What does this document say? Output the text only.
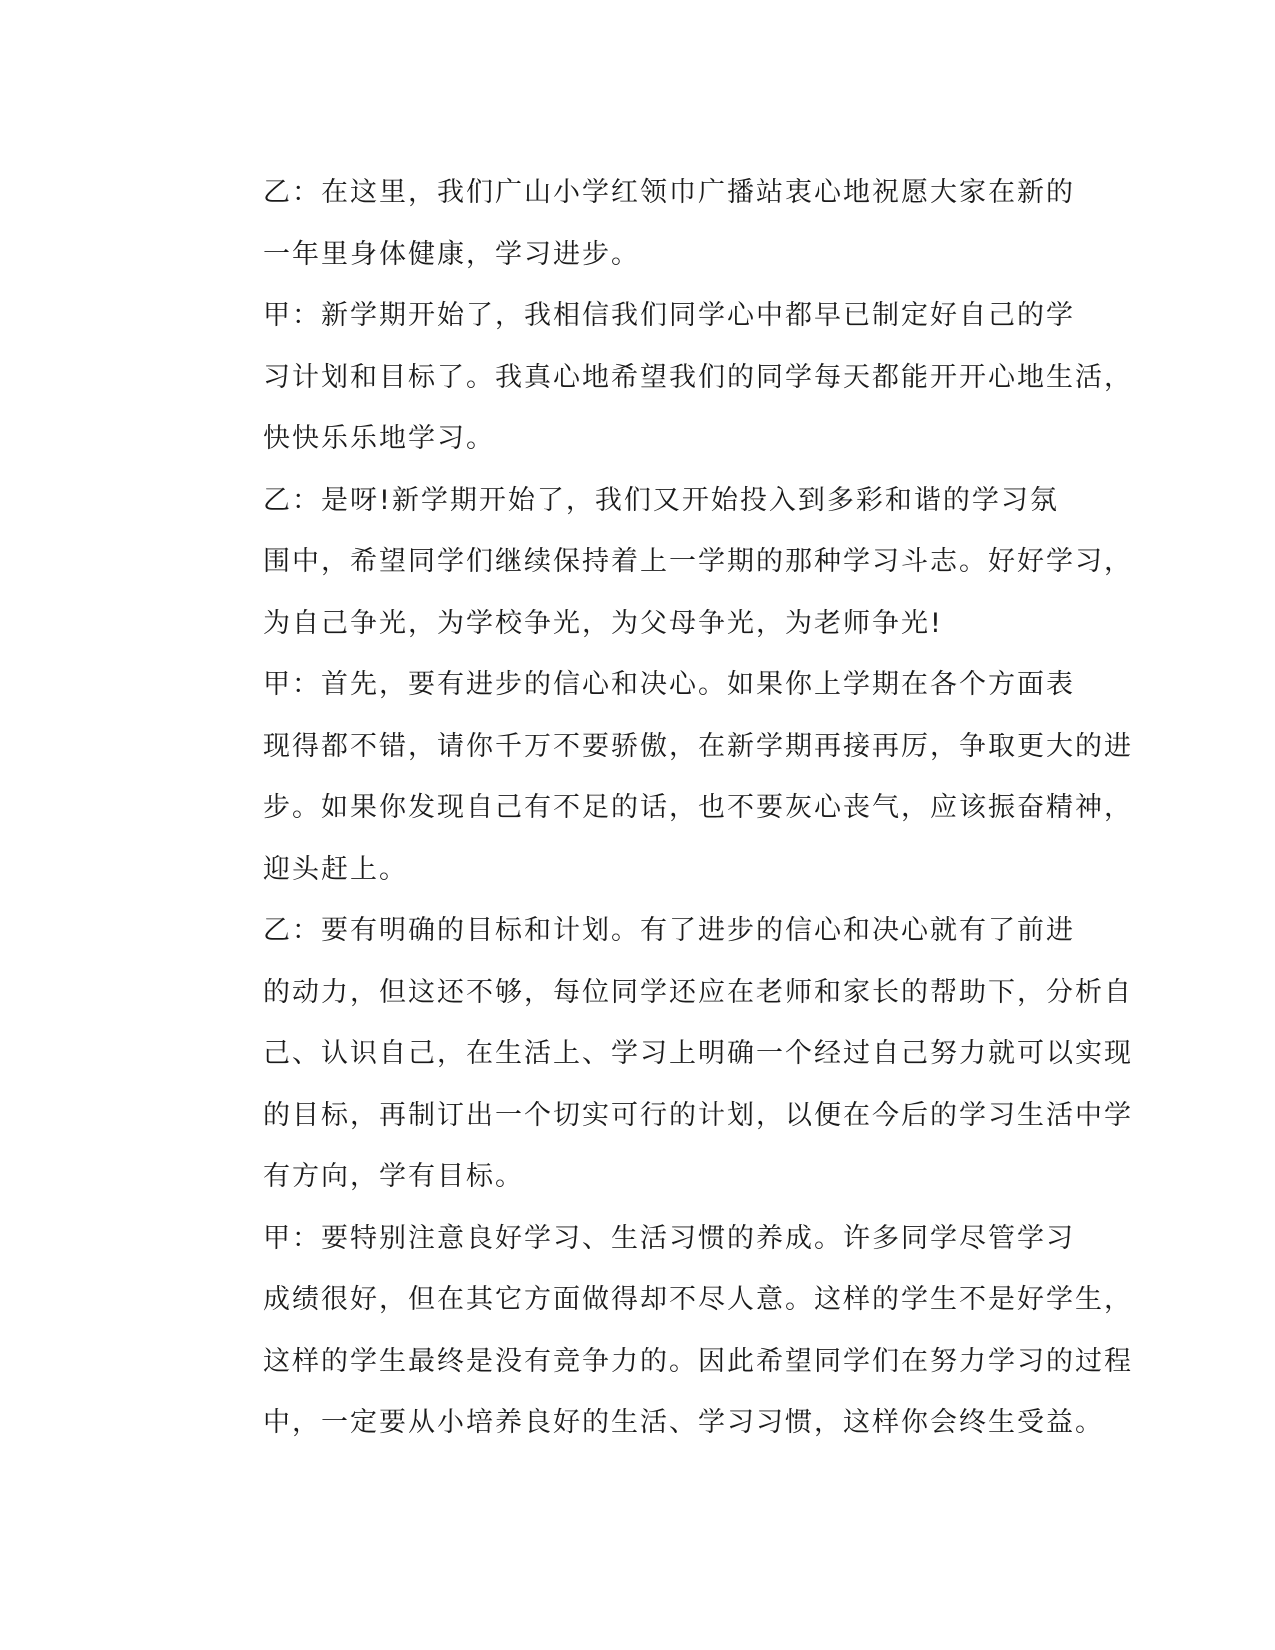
乙：在这里，我们广山小学红领巾广播站衷心地祝愿大家在新的
一年里身体健康，学习进步。

甲：新学期开始了，我相信我们同学心中都早已制定好自己的学
习计划和目标了。我真心地希望我们的同学每天都能开开心地生活，
快快乐乐地学习。

乙：是呀!新学期开始了，我们又开始投入到多彩和谐的学习氛
围中，希望同学们继续保持着上一学期的那种学习斗志。好好学习，
为自己争光，为学校争光，为父母争光，为老师争光!

甲：首先，要有进步的信心和决心。如果你上学期在各个方面表
现得都不错，请你千万不要骄傲，在新学期再接再厉，争取更大的进
步。如果你发现自己有不足的话，也不要灰心丧气，应该振奋精神，
迎头赶上。

乙：要有明确的目标和计划。有了进步的信心和决心就有了前进
的动力，但这还不够，每位同学还应在老师和家长的帮助下，分析自
己、认识自己，在生活上、学习上明确一个经过自己努力就可以实现
的目标，再制订出一个切实可行的计划，以便在今后的学习生活中学
有方向，学有目标。

甲：要特别注意良好学习、生活习惯的养成。许多同学尽管学习
成绩很好，但在其它方面做得却不尽人意。这样的学生不是好学生，
这样的学生最终是没有竞争力的。因此希望同学们在努力学习的过程
中，一定要从小培养良好的生活、学习习惯，这样你会终生受益。
